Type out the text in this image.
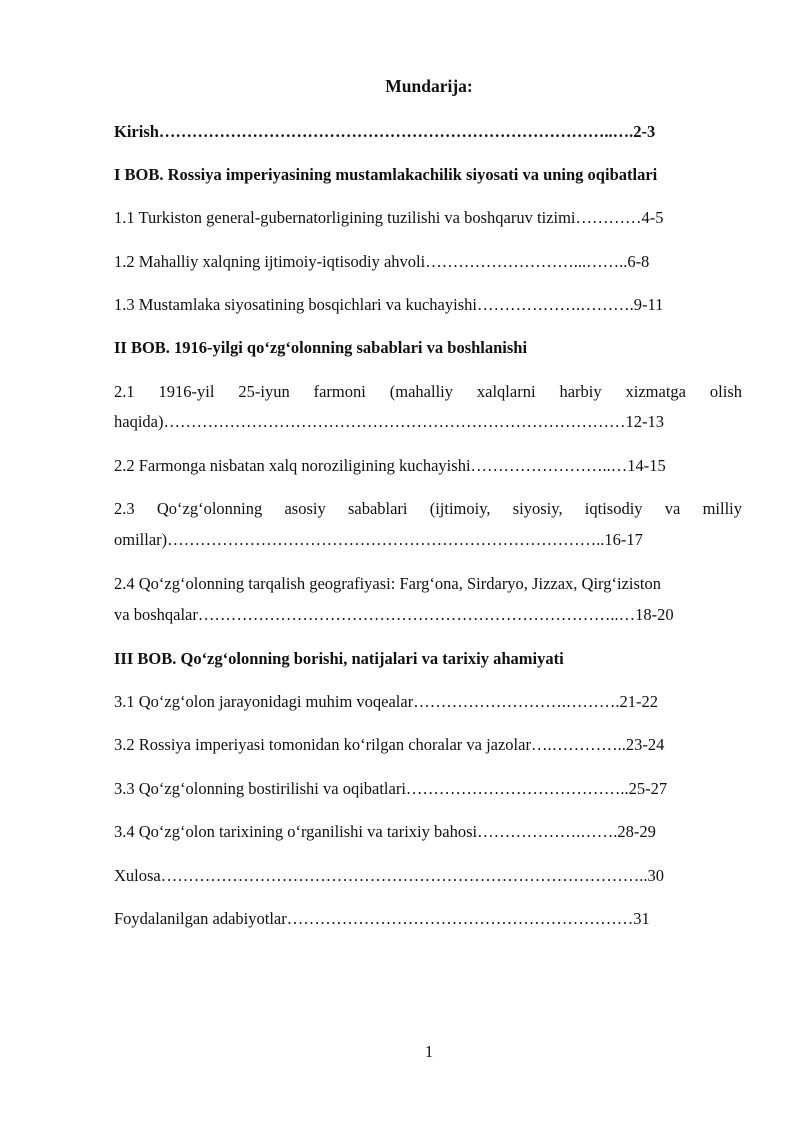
Mundarija:
Kirish………………………………………………………………………..….2-3
I BOB. Rossiya imperiyasining mustamlakachilik siyosati va uning oqibatlari
1.1 Turkiston general-gubernatorligining tuzilishi va boshqaruv tizimi…………4-5
1.2 Mahalliy xalqning ijtimoiy-iqtisodiy ahvoli………………………...……..6-8
1.3 Mustamlaka siyosatining bosqichlari va kuchayishi……………….……….9-11
II BOB. 1916-yilgi qo‘zg‘olonning sabablari va boshlanishi
2.1 1916-yil 25-iyun farmoni (mahalliy xalqlarni harbiy xizmatga olish
haqida)…………………………………………………………………………12-13
2.2 Farmonga nisbatan xalq noroziligining kuchayishi……………………..…14-15
2.3 Qo‘zg‘olonning asosiy sabablari (ijtimoiy, siyosiy, iqtisodiy va milliy
omillar)……………………………………………………………………..16-17
2.4 Qo‘zg‘olonning tarqalish geografiyasi: Farg‘ona, Sirdaryo, Jizzax, Qirg‘iziston
va boshqalar…………………………………………………………………..…18-20
III BOB. Qo‘zg‘olonning borishi, natijalari va tarixiy ahamiyati
3.1 Qo‘zg‘olon jarayonidagi muhim voqealar……………………….……….21-22
3.2 Rossiya imperiyasi tomonidan ko‘rilgan choralar va jazolar….…………..23-24
3.3 Qo‘zg‘olonning bostirilishi va oqibatlari…………………………………..25-27
3.4 Qo‘zg‘olon tarixining o‘rganilishi va tarixiy bahosi……………….…….28-29
Xulosa……………………………………………………………………………..30
Foydalanilgan adabiyotlar………………………………………………………31
1
